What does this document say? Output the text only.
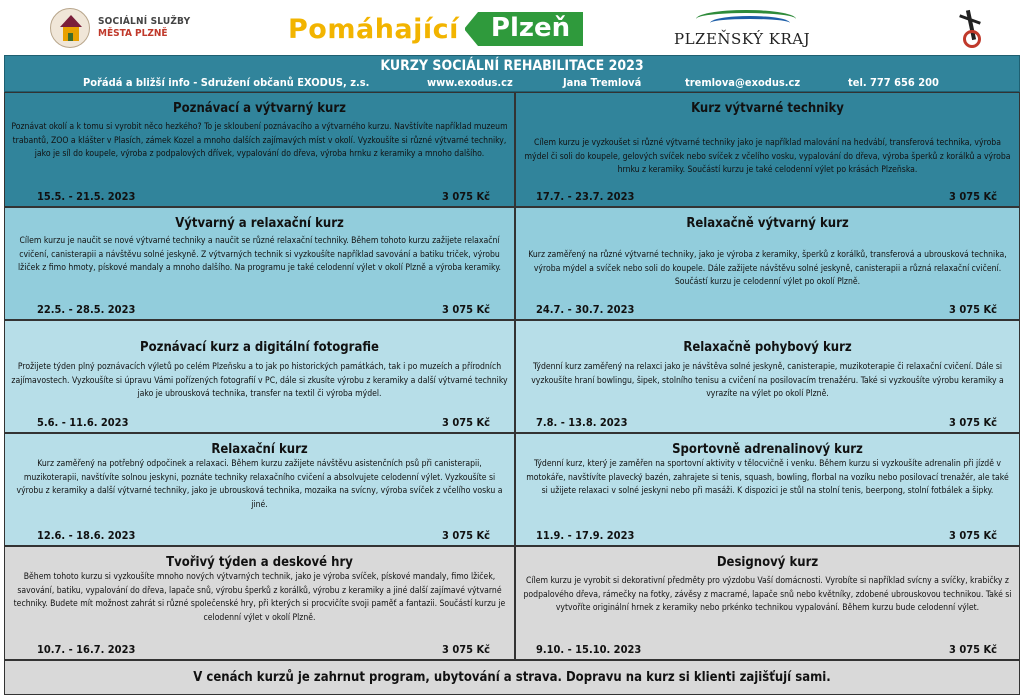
SOCIÁLNÍ SLUŽBY
MĚSTA PLZNĚ	Pomáhající Plzeň	PLZEŇSKÝ KRAJ
KURZY SOCIÁLNÍ REHABILITACE 2023
Pořádá a bližší info - Sdružení občanů EXODUS, z.s.	www.exodus.cz	Jana Tremlová	tremlova@exodus.cz	tel. 777 656 200
Poznávací a výtvarný kurz
Poznávat okolí a k tomu si vyrobit něco hezkého? To je skloubení poznávacího a výtvarného kurzu. Navštívíte například muzeum trabantů, ZOO a klášter v Plasích, zámek Kozel a mnoho dalších zajímavých míst v okolí. Vyzkoušíte si různé výtvarné techniky, jako je síl do koupele, výroba z podpalových dřívek, vypalování do dřeva, výroba hrnku z keramiky a mnoho dalšího.
15.5. - 21.5. 2023	3 075 Kč
Kurz výtvarné techniky
Cílem kurzu je vyzkoušet si různé výtvarné techniky jako je například malování na hedvábí, transferová technika, výroba mýdel či soli do koupele, gelových svíček nebo svíček z včelího vosku, vypalování do dřeva, výroba šperků z korálků a výroba hrnku z keramiky. Součástí kurzu je také celodenní výlet po krásách Plzeňska.
17.7. - 23.7. 2023	3 075 Kč
Výtvarný a relaxační kurz
Cílem kurzu je naučit se nové výtvarné techniky a naučit se různé relaxační techniky. Během tohoto kurzu zažijete relaxační cvičení, canisterapii a návštěvu solné jeskyně. Z výtvarných technik si vyzkoušíte například savování a batiku triček, výrobu lžiček z fimo hmoty, pískové mandaly a mnoho dalšího. Na programu je také celodenní výlet v okolí Plzně a výroba keramiky.
22.5. - 28.5. 2023	3 075 Kč
Relaxačně výtvarný kurz
Kurz zaměřený na různé výtvarné techniky, jako je výroba z keramiky, šperků z korálků, transferová a ubrousková technika, výroba mýdel a svíček nebo soli do koupele. Dále zažijete návštěvu solné jeskyně, canisterapii a různá relaxační cvičení. Součástí kurzu je celodenní výlet po okolí Plzně.
24.7. - 30.7. 2023	3 075 Kč
Poznávací kurz a digitální fotografie
Prožijete týden plný poznávacích výletů po celém Plzeňsku a to jak po historických památkách, tak i po muzeích a přírodních zajímavostech. Vyzkoušíte si úpravu Vámi pořízených fotografií v PC, dále si zkusíte výrobu z keramiky a další výtvarné techniky jako je ubrousková technika, transfer na textil či výroba mýdel.
5.6. - 11.6. 2023	3 075 Kč
Relaxačně pohybový kurz
Týdenní kurz zaměřený na relaxci jako je návštěva solné jeskyně, canisterapie, muzikoterapie či relaxační cvičení. Dále si vyzkoušíte hraní bowlingu, šipek, stolního tenisu a cvičení na posilovacím trenažéru. Také si vyzkoušíte výrobu keramiky a vyrazíte na výlet po okolí Plzně.
7.8. - 13.8. 2023	3 075 Kč
Relaxační kurz
Kurz zaměřený na potřebný odpočinek a relaxaci. Během kurzu zažijete návštěvu asistenčních psů při canisterapii, muzikoterapii, navštívíte solnou jeskyni, poznáte techniky relaxačního cvičení a absolvujete celodenní výlet. Vyzkoušíte si výrobu z keramiky a další výtvarné techniky, jako je ubrousková technika, mozaika na svícny, výroba svíček z včelího vosku a jiné.
12.6. - 18.6. 2023	3 075 Kč
Sportovně adrenalinový kurz
Týdenní kurz, který je zaměřen na sportovní aktivity v tělocvičně i venku. Během kurzu si vyzkoušíte adrenalin při jízdě v motokáře, navštívíte plavecký bazén, zahrajete si tenis, squash, bowling, florbal na vozíku nebo posilovací trenažér, ale také si užijete relaxaci v solné jeskyni nebo při masáži. K dispozici je stůl na stolní tenis, beerpong, stolní fotbálek a šipky.
11.9. - 17.9. 2023	3 075 Kč
Tvořivý týden a deskové hry
Během tohoto kurzu si vyzkoušíte mnoho nových výtvarných technik, jako je výroba svíček, pískové mandaly, fimo lžiček, savování, batiku, vypalování do dřeva, lapače snů, výrobu šperků z korálků, výrobu z keramiky a jiné další zajímavé výtvarné techniky. Budete mít možnost zahrát si různé společenské hry, při kterých si procvičíte svoji paměť a fantazii. Součástí kurzu je celodenní výlet v okolí Plzně.
10.7. - 16.7. 2023	3 075 Kč
Designový kurz
Cílem kurzu je vyrobit si dekorativní předměty pro výzdobu Vaší domácnosti. Vyrobíte si například svícny a svíčky, krabičky z podpalového dřeva, rámečky na fotky, závěsy z macramé, lapače snů nebo květníky, zdobené ubrouskovou technikou. Také si vytvoříte originální hrnek z keramiky nebo prkénko technikou vypalování. Během kurzu bude celodenní výlet.
9.10. - 15.10. 2023	3 075 Kč
V cenách kurzů je zahrnut program, ubytování a strava. Dopravu na kurz si klienti zajišťují sami.
